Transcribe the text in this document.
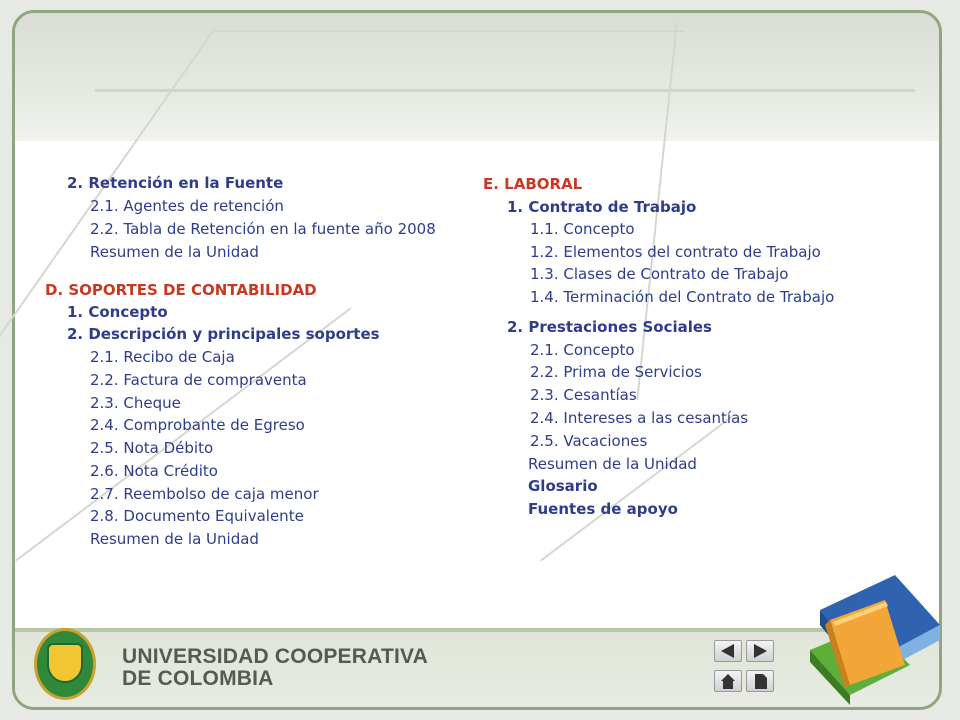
2. Retención en la Fuente
2.1. Agentes de retención
2.2. Tabla de Retención en la fuente año 2008
Resumen de la Unidad
D. SOPORTES DE CONTABILIDAD
1. Concepto
2. Descripción y principales soportes
2.1. Recibo de Caja
2.2. Factura de compraventa
2.3. Cheque
2.4. Comprobante de Egreso
2.5. Nota Débito
2.6. Nota Crédito
2.7. Reembolso de caja menor
2.8. Documento Equivalente
Resumen de la Unidad
E. LABORAL
1. Contrato de Trabajo
1.1. Concepto
1.2. Elementos del contrato de Trabajo
1.3. Clases de Contrato de Trabajo
1.4. Terminación del Contrato de Trabajo
2. Prestaciones Sociales
2.1. Concepto
2.2. Prima de Servicios
2.3. Cesantías
2.4. Intereses a las cesantías
2.5. Vacaciones
Resumen de la Unidad
Glosario
Fuentes de apoyo
UNIVERSIDAD COOPERATIVA
DE COLOMBIA
